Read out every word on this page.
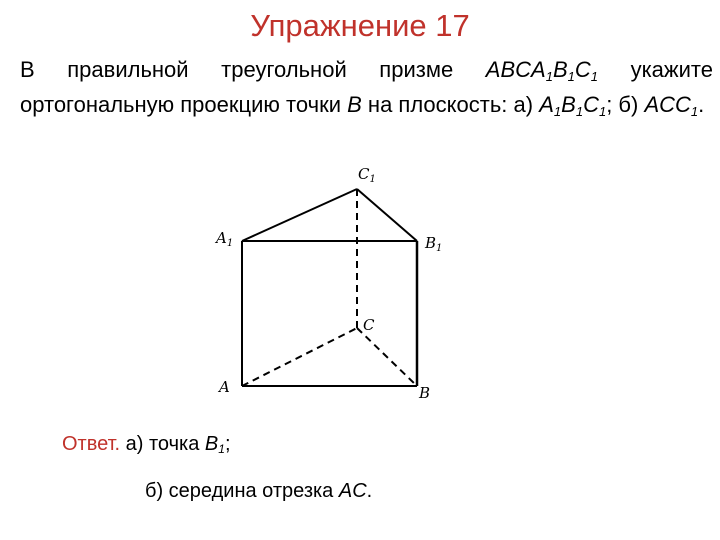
Упражнение 17
В правильной треугольной призме $ABCA_1B_1C_1$ укажите ортогональную проекцию точки B на плоскость: а) $A_1B_1C_1$; б) $ACC_1$.
$C_1$
$A_1$	$B_1$
C
A	B
Ответ. а) точка $B_1$;
б) середина отрезка AC.
